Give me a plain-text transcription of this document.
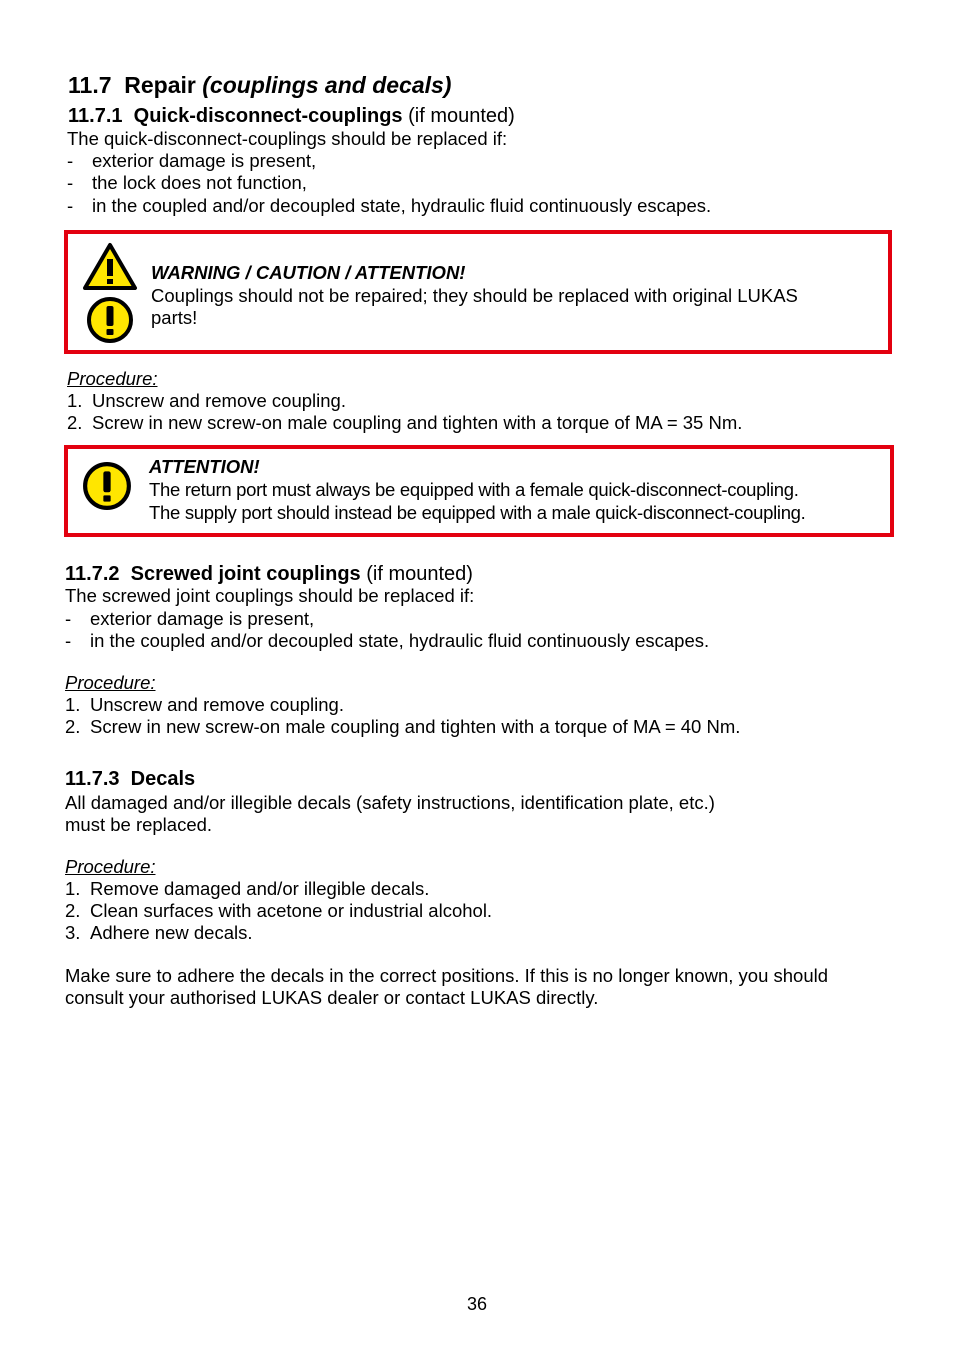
11.7 Repair (couplings and decals)
11.7.1 Quick-disconnect-couplings (if mounted)
The quick-disconnect-couplings should be replaced if:
- exterior damage is present,
- the lock does not function,
- in the coupled and/or decoupled state, hydraulic fluid continuously escapes.
WARNING / CAUTION / ATTENTION!
Couplings should not be repaired; they should be replaced with original LUKAS
parts!
Procedure:
1. Unscrew and remove coupling.
2. Screw in new screw-on male coupling and tighten with a torque of MA = 35 Nm.
ATTENTION!
The return port must always be equipped with a female quick-disconnect-coupling.
The supply port should instead be equipped with a male quick-disconnect-coupling.
11.7.2 Screwed joint couplings (if mounted)
The screwed joint couplings should be replaced if:
- exterior damage is present,
- in the coupled and/or decoupled state, hydraulic fluid continuously escapes.
Procedure:
1. Unscrew and remove coupling.
2. Screw in new screw-on male coupling and tighten with a torque of MA = 40 Nm.
11.7.3 Decals
All damaged and/or illegible decals (safety instructions, identification plate, etc.)
must be replaced.
Procedure:
1. Remove damaged and/or illegible decals.
2. Clean surfaces with acetone or industrial alcohol.
3. Adhere new decals.
Make sure to adhere the decals in the correct positions. If this is no longer known, you should
consult your authorised LUKAS dealer or contact LUKAS directly.
36
